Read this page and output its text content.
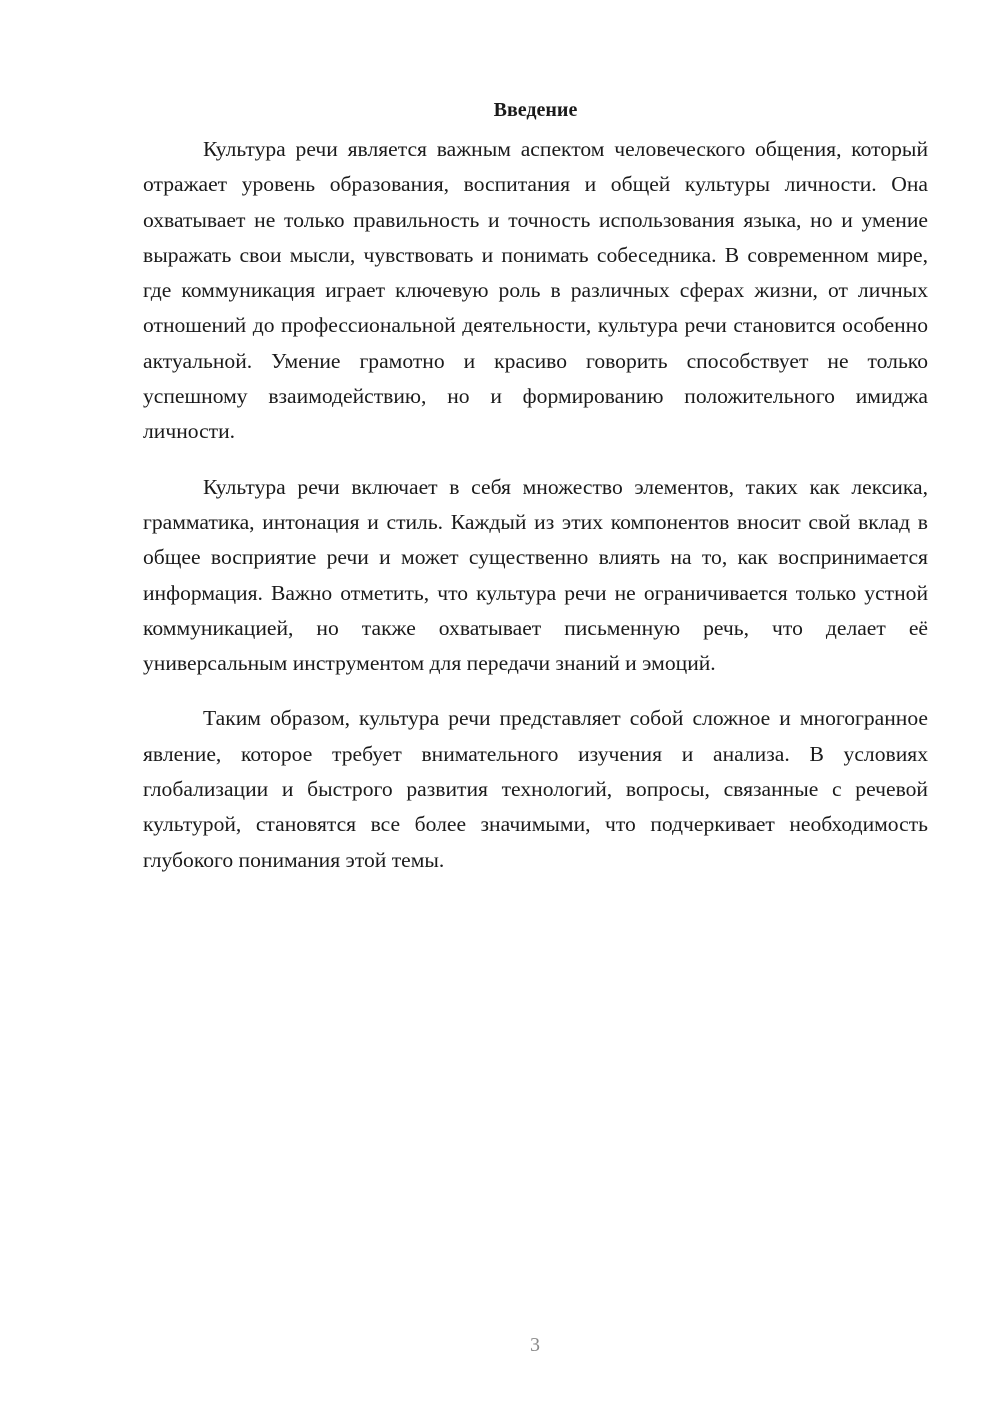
Введение

Культура речи является важным аспектом человеческого общения, который отражает уровень образования, воспитания и общей культуры личности. Она охватывает не только правильность и точность использования языка, но и умение выражать свои мысли, чувствовать и понимать собеседника. В современном мире, где коммуникация играет ключевую роль в различных сферах жизни, от личных отношений до профессиональной деятельности, культура речи становится особенно актуальной. Умение грамотно и красиво говорить способствует не только успешному взаимодействию, но и формированию положительного имиджа личности.

Культура речи включает в себя множество элементов, таких как лексика, грамматика, интонация и стиль. Каждый из этих компонентов вносит свой вклад в общее восприятие речи и может существенно влиять на то, как воспринимается информация. Важно отметить, что культура речи не ограничивается только устной коммуникацией, но также охватывает письменную речь, что делает её универсальным инструментом для передачи знаний и эмоций.

Таким образом, культура речи представляет собой сложное и многогранное явление, которое требует внимательного изучения и анализа. В условиях глобализации и быстрого развития технологий, вопросы, связанные с речевой культурой, становятся все более значимыми, что подчеркивает необходимость глубокого понимания этой темы.

3
